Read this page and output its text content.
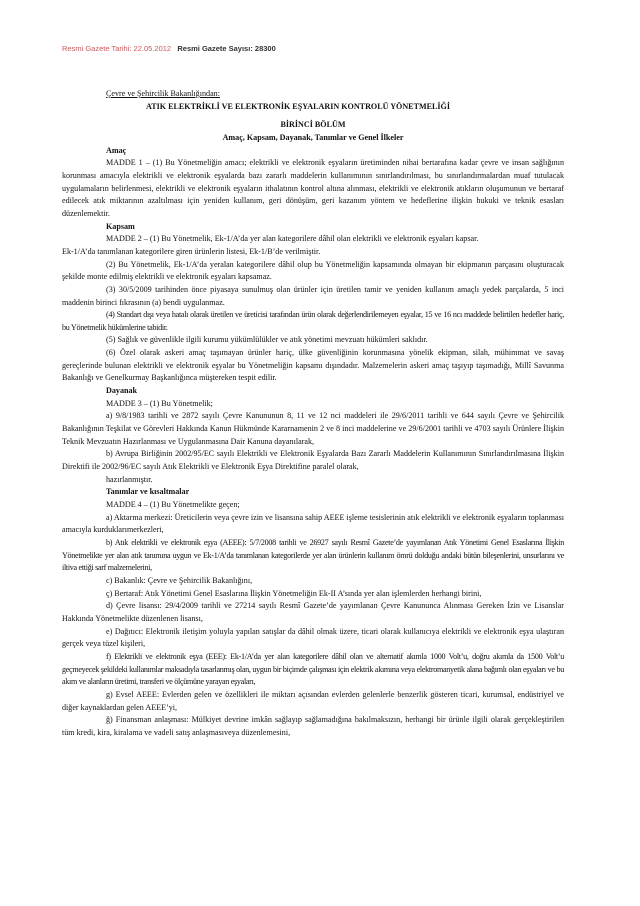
Resmi Gazete Tarihi: 22.05.2012 Resmi Gazete Sayısı: 28300

Çevre ve Şehircilik Bakanlığından:

ATIK ELEKTRİKLİ VE ELEKTRONİK EŞYALARIN KONTROLÜ YÖNETMELİĞİ

BİRİNCİ BÖLÜM

Amaç, Kapsam, Dayanak, Tanımlar ve Genel İlkeler

Amaç

MADDE 1 – (1) Bu Yönetmeliğin amacı; elektrikli ve elektronik eşyaların üretiminden nihai bertarafına kadar çevre ve insan sağlığının korunması amacıyla elektrikli ve elektronik eşyalarda bazı zararlı maddelerin kullanımının sınırlandırılması, bu sınırlandırmalardan muaf tutulacak uygulamaların belirlenmesi, elektrikli ve elektronik eşyaların ithalatının kontrol altına alınması, elektrikli ve elektronik atıkların oluşumunun ve bertaraf edilecek atık miktarının azaltılması için yeniden kullanım, geri dönüşüm, geri kazanım yöntem ve hedeflerine ilişkin hukuki ve teknik esasları düzenlemektir.

Kapsam

MADDE 2 – (1) Bu Yönetmelik, Ek-1/A’da yer alan kategorilere dâhil olan elektrikli ve elektronik eşyaları kapsar.

Ek-1/A’da tanımlanan kategorilere giren ürünlerin listesi, Ek-1/B’de verilmiştir.

(2) Bu Yönetmelik, Ek-1/A’da yeralan kategorilere dâhil olup bu Yönetmeliğin kapsamında olmayan bir ekipmanın parçasını oluşturacak şekilde monte edilmiş elektrikli ve elektronik eşyaları kapsamaz.

(3) 30/5/2009 tarihinden önce piyasaya sunulmuş olan ürünler için üretilen tamir ve yeniden kullanım amaçlı yedek parçalarda, 5 inci maddenin birinci fıkrasının (a) bendi uygulanmaz.

(4) Standart dışı veya hatalı olarak üretilen ve üreticisi tarafından ürün olarak değerlendirilemeyen eşyalar, 15 ve 16 ncı maddede belirtilen hedefler hariç, bu Yönetmelik hükümlerine tabidir.

(5) Sağlık ve güvenlikle ilgili kurumu yükümlülükler ve atık yönetimi mevzuatı hükümleri saklıdır.

(6) Özel olarak askeri amaç taşımayan ürünler hariç, ülke güvenliğinin korunmasına yönelik ekipman, silah, mühimmat ve savaş gereçlerinde bulunan elektrikli ve elektronik eşyalar bu Yönetmeliğin kapsamı dışındadır. Malzemelerin askeri amaç taşıyıp taşımadığı, Millî Savunma Bakanlığı ve Genelkurmay Başkanlığınca müştereken tespit edilir.

Dayanak

MADDE 3 – (1) Bu Yönetmelik;

a) 9/8/1983 tarihli ve 2872 sayılı Çevre Kanununun 8, 11 ve 12 nci maddeleri ile 29/6/2011 tarihli ve 644 sayılı Çevre ve Şehircilik Bakanlığının Teşkilat ve Görevleri Hakkında Kanun Hükmünde Kararnamenin 2 ve 8 inci maddelerine ve 29/6/2001 tarihli ve 4703 sayılı Ürünlere İlişkin Teknik Mevzuatın Hazırlanması ve Uygulanmasına Dair Kanuna dayanılarak,

b) Avrupa Birliğinin 2002/95/EC sayılı Elektrikli ve Elektronik Eşyalarda Bazı Zararlı Maddelerin Kullanımının Sınırlandırılmasına İlişkin Direktifi ile 2002/96/EC sayılı Atık Elektrikli ve Elektronik Eşya Direktifine paralel olarak,

hazırlanmıştır.

Tanımlar ve kısaltmalar

MADDE 4 – (1) Bu Yönetmelikte geçen;

a) Aktarma merkezi: Üreticilerin veya çevre izin ve lisansına sahip AEEE işleme tesislerinin atık elektrikli ve elektronik eşyaların toplanması amacıyla kurduklarımerkezleri,

b) Atık elektrikli ve elektronik eşya (AEEE): 5/7/2008 tarihli ve 26927 sayılı Resmî Gazete’de yayımlanan Atık Yönetimi Genel Esaslarına İlişkin Yönetmelikte yer alan atık tanımına uygun ve Ek-1/A’da tanımlanan kategorilerde yer alan ürünlerin kullanım ömrü dolduğu andaki bütün bileşenlerini, unsurlarını ve iltiva ettiği sarf malzemelerini,

c) Bakanlık: Çevre ve Şehircilik Bakanlığını,

ç) Bertaraf: Atık Yönetimi Genel Esaslarına İlişkin Yönetmeliğin Ek-II A’sında yer alan işlemlerden herhangi birini,

d) Çevre lisansı: 29/4/2009 tarihli ve 27214 sayılı Resmî Gazete’de yayımlanan Çevre Kanununca Alınması Gereken İzin ve Lisanslar Hakkında Yönetmelikte düzenlenen lisansı,

e) Dağıtıcı: Elektronik iletişim yoluyla yapılan satışlar da dâhil olmak üzere, ticari olarak kullanıcıya elektrikli ve elektronik eşya ulaştıran gerçek veya tüzel kişileri,

f) Elektrikli ve elektronik eşya (EEE): Ek-1/A’da yer alan kategorilere dâhil olan ve alternatif akımla 1000 Volt’u, doğru akımla da 1500 Volt’u geçmeyecek şekildeki kullanımlar maksadıyla tasarlanmış olan, uygun bir biçimde çalışması için elektrik akımına veya elektromanyetik alana bağımlı olan eşyaları ve bu akım ve alanların üretimi, transferi ve ölçümüne yarayan eşyaları,

g) Evsel AEEE: Evlerden gelen ve özellikleri ile miktarı açısından evlerden gelenlerle benzerlik gösteren ticari, kurumsal, endüstriyel ve diğer kaynaklardan gelen AEEE’yi,

ğ) Finansman anlaşması: Mülkiyet devrine imkân sağlayıp sağlamadığına bakılmaksızın, herhangi bir ürünle ilgili olarak gerçekleştirilen tüm kredi, kira, kiralama ve vadeli satış anlaşmasıveya düzenlemesini,
